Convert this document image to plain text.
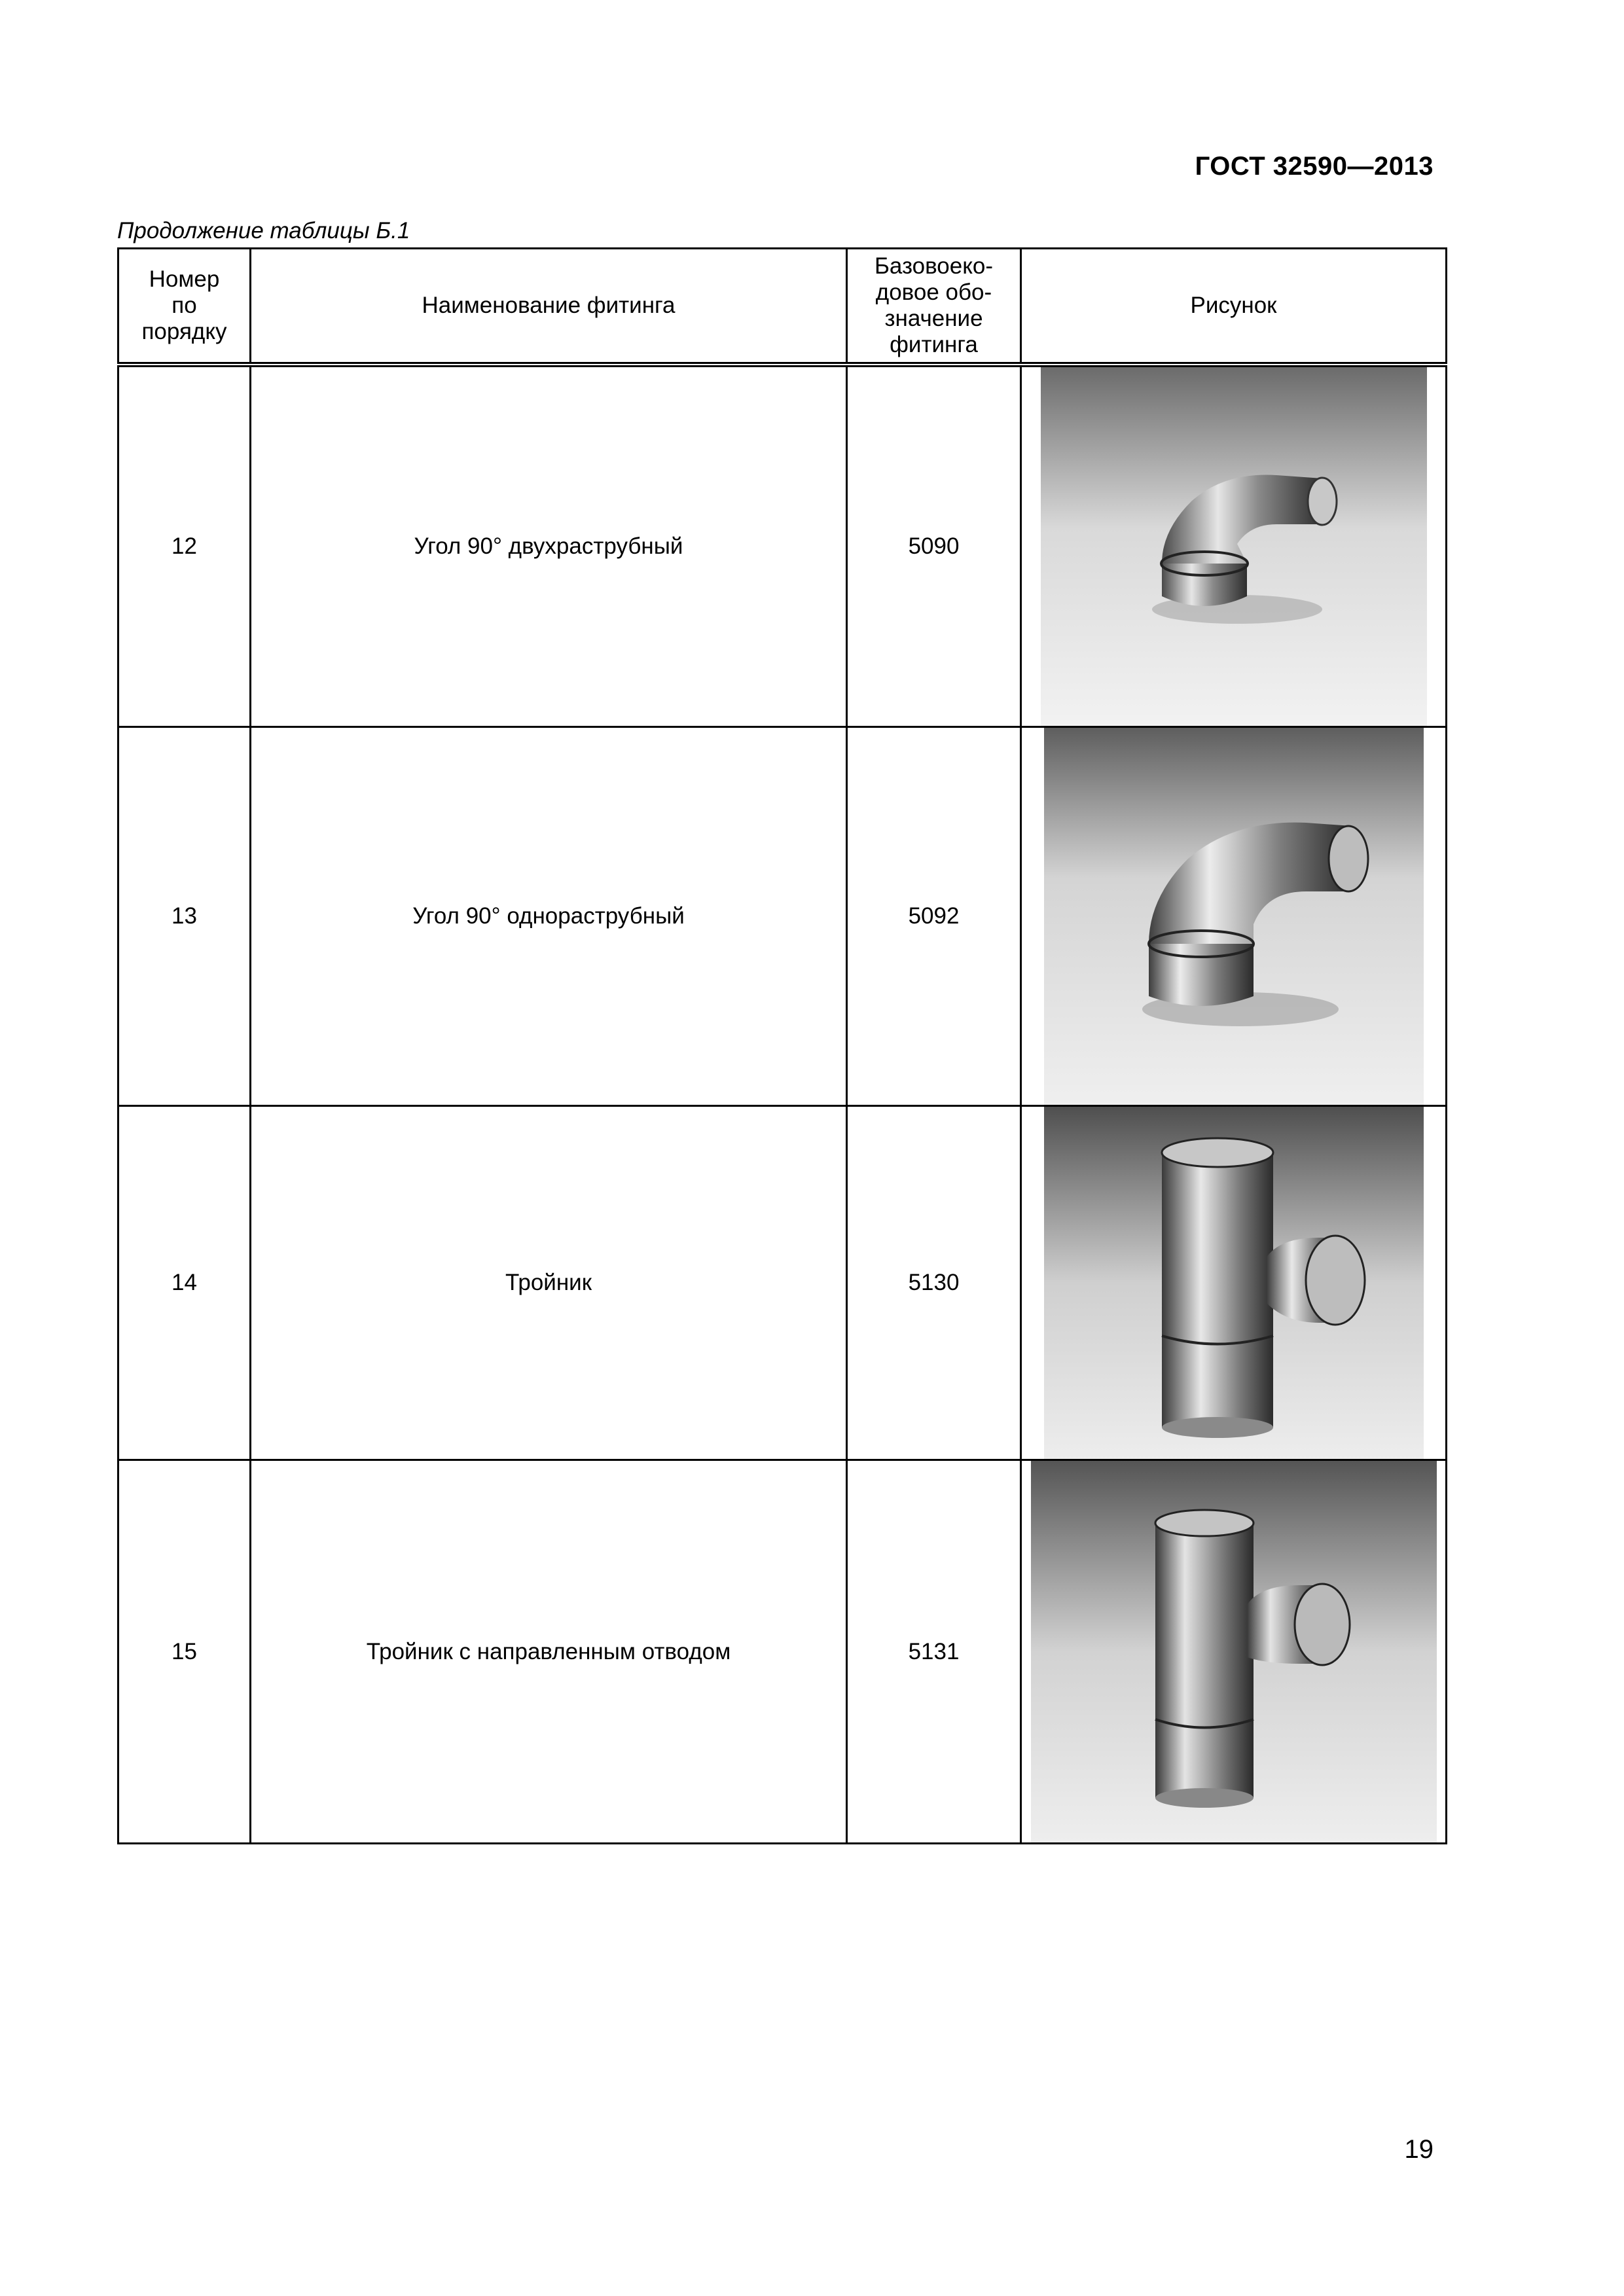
ГОСТ 32590—2013
Продолжение таблицы Б.1
Номер
по
порядку	Наименование фитинга	Базовоеко-
довое обо-
значение
фитинга	Рисунок
12	Угол 90° двухраструбный	5090	

13	Угол 90° однораструбный	5092	

14	Тройник	5130	

15	Тройник с направленным отводом	5131	
19
